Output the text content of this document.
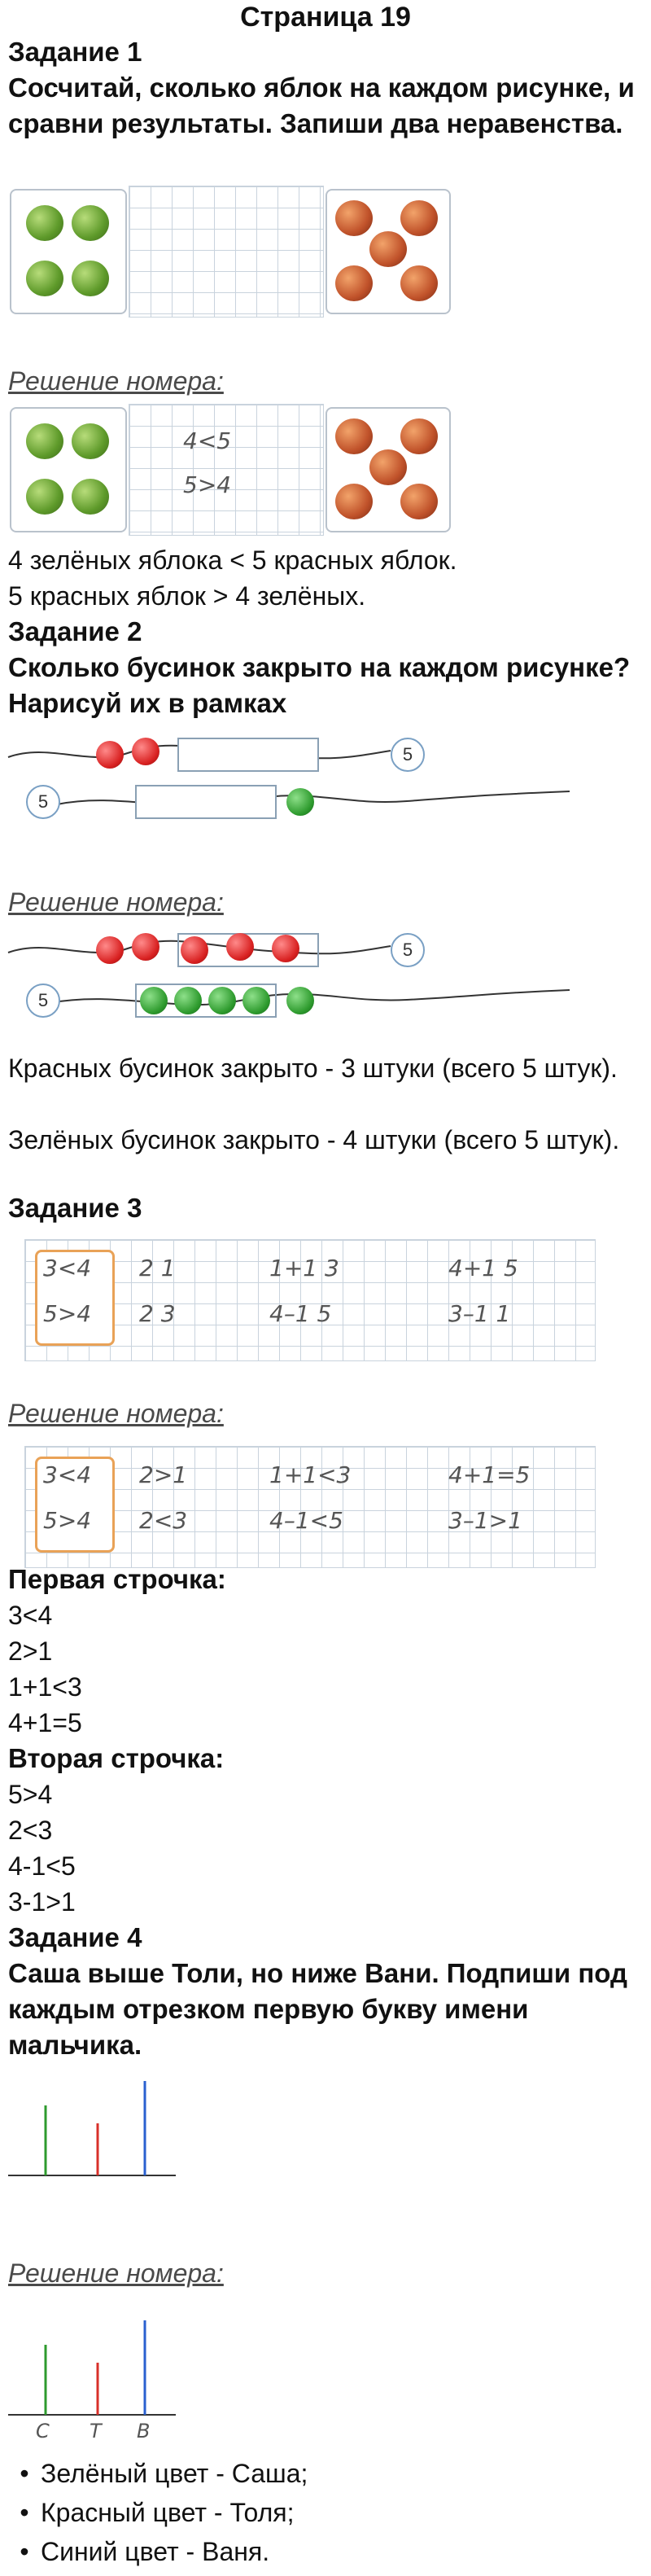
Страница 19
Задание 1
Сосчитай, сколько яблок на каждом рисунке, и сравни результаты. Запиши два неравенства.
Решение номера:
4<5
5>4
4 зелёных яблока < 5 красных яблок.
5 красных яблок > 4 зелёных.
Задание 2
Сколько бусинок закрыто на каждом рисунке? Нарисуй их в рамках
5
5
Решение номера:
5
5
Красных бусинок закрыто - 3 штуки (всего 5 штук).
Зелёных бусинок закрыто - 4 штуки (всего 5 штук).
Задание 3
3<4 2 1	1+1 3	4+1 5
5>4 2 3	4–1 5	3–1 1
Решение номера:
3<4 2>1	1+1<3	4+1=5
5>4 2<3	4–1<5	3–1>1
Первая строчка:
3<4
2>1
1+1<3
4+1=5
Вторая строчка:
5>4
2<3
4-1<5
3-1>1
Задание 4
Саша выше Толи, но ниже Вани. Подпиши под каждым отрезком первую букву имени мальчика.
Решение номера:
С Т В
• Зелёный цвет - Саша;
• Красный цвет - Толя;
• Синий цвет - Ваня.
